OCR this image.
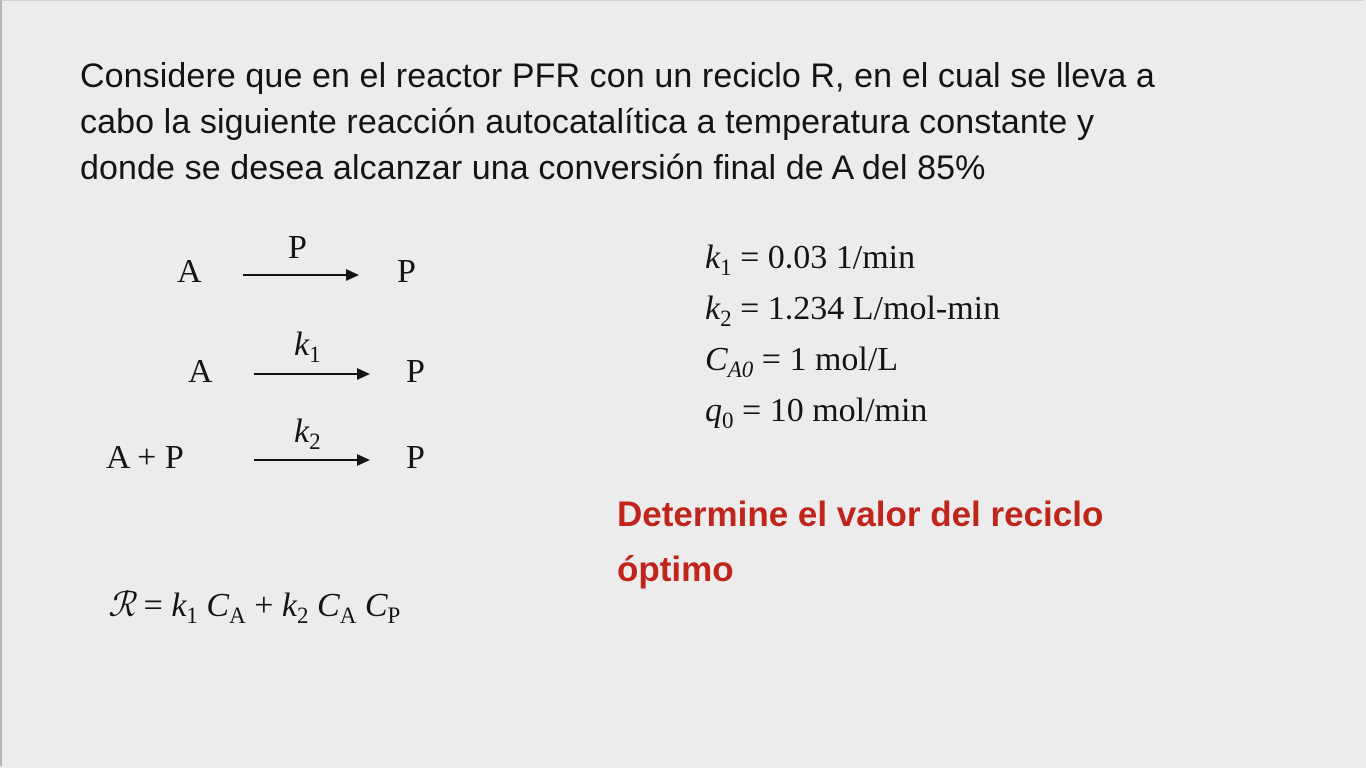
Considere que en el reactor PFR con un reciclo R, en el cual se lleva a
cabo la siguiente reacción autocatalítica a temperatura constante y
donde se desea alcanzar una conversión final de A del 85%

A
P
P
A
$k_1$	P
A + P
$k_2$	P
ℛ = $k_1$ $C_A + k_2$ $C_A$ $C_P$
$k_1 = 0.03$ 1/min
$k_2 = 1.234$ L/mol-min
$C_{A0} = 1$ mol/L
$q_0 = 10$ mol/min
Determine el valor del reciclo
óptimo
